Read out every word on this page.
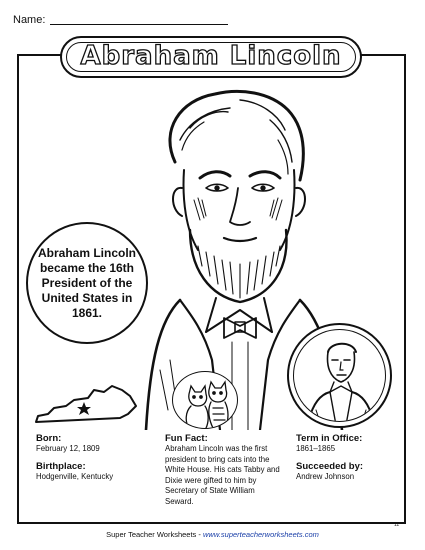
Name:
Abraham Lincoln
Abraham Lincoln became the 16th President of the United States in 1861.
Born:
February 12, 1809
Birthplace:
Hodgenville, Kentucky
Fun Fact:
Abraham Lincoln was the first president to bring cats into the White House. His cats Tabby and Dixie were gifted to him by Secretary of State William Seward.
Term in Office:
1861–1865
Succeeded by:
Andrew Johnson
Super Teacher Worksheets - www.superteacherworksheets.com
11
